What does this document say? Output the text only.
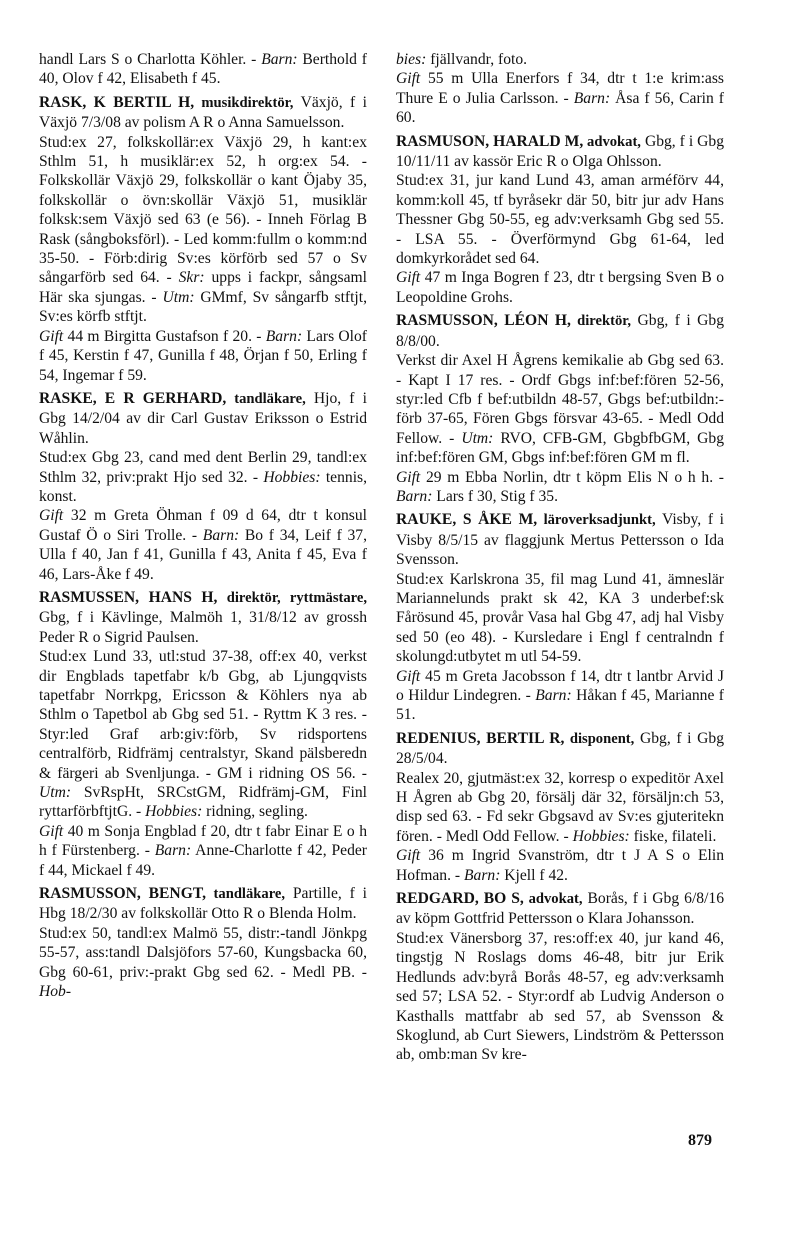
handl Lars S o Charlotta Köhler. - Barn: Berthold f 40, Olov f 42, Elisabeth f 45.

RASK, K BERTIL H, musikdirektör, Växjö, f i Växjö 7/3/08 av polism A R o Anna Samuelsson.

Stud:ex 27, folkskollär:ex Växjö 29, h kant:ex Sthlm 51, h musiklär:ex 52, h org:ex 54. - Folkskollär Växjö 29, folkskollär o kant Öjaby 35, folkskollär o övn:skollär Växjö 51, musiklär folksk:sem Växjö sed 63 (e 56). - Inneh Förlag B Rask (sångboksförl). - Led komm:fullm o komm:nd 35-50. - Förb:dirig Sv:es körförb sed 57 o Sv sångarförb sed 64. - Skr: upps i fackpr, sångsaml Här ska sjungas. - Utm: GMmf, Sv sångarfb stftjt, Sv:es körfb stftjt.

Gift 44 m Birgitta Gustafson f 20. - Barn: Lars Olof f 45, Kerstin f 47, Gunilla f 48, Örjan f 50, Erling f 54, Ingemar f 59.

RASKE, E R GERHARD, tandläkare, Hjo, f i Gbg 14/2/04 av dir Carl Gustav Eriksson o Estrid Wåhlin.

Stud:ex Gbg 23, cand med dent Berlin 29, tandl:ex Sthlm 32, priv:prakt Hjo sed 32. - Hobbies: tennis, konst.

Gift 32 m Greta Öhman f 09 d 64, dtr t konsul Gustaf Ö o Siri Trolle. - Barn: Bo f 34, Leif f 37, Ulla f 40, Jan f 41, Gunilla f 43, Anita f 45, Eva f 46, Lars-Åke f 49.

RASMUSSEN, HANS H, direktör, ryttmästare, Gbg, f i Kävlinge, Malmöh 1, 31/8/12 av grossh Peder R o Sigrid Paulsen.

Stud:ex Lund 33, utl:stud 37-38, off:ex 40, verkst dir Engblads tapetfabr k/b Gbg, ab Ljungqvists tapetfabr Norrkpg, Ericsson & Köhlers nya ab Sthlm o Tapetbol ab Gbg sed 51. - Ryttm K 3 res. - Styr:led Graf arb:giv:förb, Sv ridsportens centralförb, Ridfrämj centralstyr, Skand pälsberedn & färgeri ab Svenljunga. - GM i ridning OS 56. - Utm: SvRspHt, SRCstGM, Ridfrämj-GM, Finl ryttarförbftjtG. - Hobbies: ridning, segling.

Gift 40 m Sonja Engblad f 20, dtr t fabr Einar E o h h f Fürstenberg. - Barn: Anne-Charlotte f 42, Peder f 44, Mickael f 49.

RASMUSSON, BENGT, tandläkare, Partille, f i Hbg 18/2/30 av folkskollär Otto R o Blenda Holm.

Stud:ex 50, tandl:ex Malmö 55, distr:-tandl Jönkpg 55-57, ass:tandl Dalsjöfors 57-60, Kungsbacka 60, Gbg 60-61, priv:-prakt Gbg sed 62. - Medl PB. - Hob-

bies: fjällvandr, foto.

Gift 55 m Ulla Enerfors f 34, dtr t 1:e krim:ass Thure E o Julia Carlsson. - Barn: Åsa f 56, Carin f 60.

RASMUSON, HARALD M, advokat, Gbg, f i Gbg 10/11/11 av kassör Eric R o Olga Ohlsson.

Stud:ex 31, jur kand Lund 43, aman arméförv 44, komm:koll 45, tf byråsekr där 50, bitr jur adv Hans Thessner Gbg 50-55, eg adv:verksamh Gbg sed 55. - LSA 55. - Överförmynd Gbg 61-64, led domkyrkorådet sed 64.

Gift 47 m Inga Bogren f 23, dtr t bergsing Sven B o Leopoldine Grohs.

RASMUSSON, LÉON H, direktör, Gbg, f i Gbg 8/8/00.

Verkst dir Axel H Ågrens kemikalie ab Gbg sed 63. - Kapt I 17 res. - Ordf Gbgs inf:bef:fören 52-56, styr:led Cfb f bef:utbildn 48-57, Gbgs bef:utbildn:-förb 37-65, Fören Gbgs försvar 43-65. - Medl Odd Fellow. - Utm: RVO, CFB-GM, GbgbfbGM, Gbg inf:bef:fören GM, Gbgs inf:bef:fören GM m fl.

Gift 29 m Ebba Norlin, dtr t köpm Elis N o h h. - Barn: Lars f 30, Stig f 35.

RAUKE, S ÅKE M, läroverksadjunkt, Visby, f i Visby 8/5/15 av flaggjunk Mertus Pettersson o Ida Svensson.

Stud:ex Karlskrona 35, fil mag Lund 41, ämneslär Mariannelunds prakt sk 42, KA 3 underbef:sk Fårösund 45, provår Vasa hal Gbg 47, adj hal Visby sed 50 (eo 48). - Kursledare i Engl f centralndn f skolungd:utbytet m utl 54-59.

Gift 45 m Greta Jacobsson f 14, dtr t lantbr Arvid J o Hildur Lindegren. - Barn: Håkan f 45, Marianne f 51.

REDENIUS, BERTIL R, disponent, Gbg, f i Gbg 28/5/04.

Realex 20, gjutmäst:ex 32, korresp o expeditör Axel H Ågren ab Gbg 20, försälj där 32, försäljn:ch 53, disp sed 63. - Fd sekr Gbgsavd av Sv:es gjuteritekn fören. - Medl Odd Fellow. - Hobbies: fiske, filateli.

Gift 36 m Ingrid Svanström, dtr t J A S o Elin Hofman. - Barn: Kjell f 42.

REDGARD, BO S, advokat, Borås, f i Gbg 6/8/16 av köpm Gottfrid Pettersson o Klara Johansson.

Stud:ex Vänersborg 37, res:off:ex 40, jur kand 46, tingstjg N Roslags doms 46-48, bitr jur Erik Hedlunds adv:byrå Borås 48-57, eg adv:verksamh sed 57; LSA 52. - Styr:ordf ab Ludvig Anderson o Kasthalls mattfabr ab sed 57, ab Svensson & Skoglund, ab Curt Siewers, Lindström & Pettersson ab, omb:man Sv kre-

879
